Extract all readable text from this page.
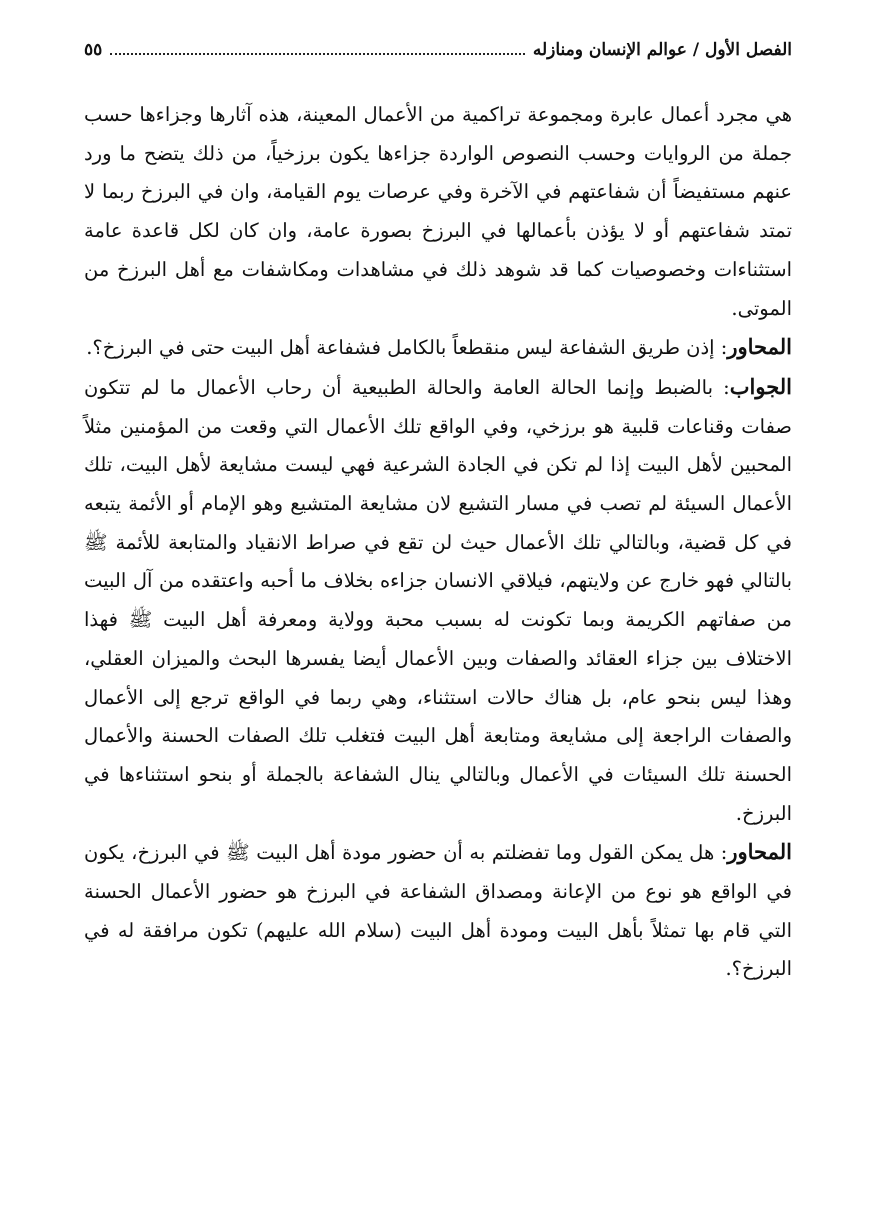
الفصل الأول / عوالم الإنسان ومنازله
٥٥

هي مجرد أعمال عابرة ومجموعة تراكمية من الأعمال المعينة، هذه آثارها وجزاءها حسب جملة من الروايات وحسب النصوص الواردة جزاءها يكون برزخياً، من ذلك يتضح ما ورد عنهم مستفيضاً أن شفاعتهم في الآخرة وفي عرصات يوم القيامة، وان في البرزخ ربما لا تمتد شفاعتهم أو لا يؤذن بأعمالها في البرزخ بصورة عامة، وان كان لكل قاعدة عامة استثناءات وخصوصيات كما قد شوهد ذلك في مشاهدات ومكاشفات مع أهل البرزخ من الموتى.

المحاور: إذن طريق الشفاعة ليس منقطعاً بالكامل فشفاعة أهل البيت حتى في البرزخ؟.

الجواب: بالضبط وإنما الحالة العامة والحالة الطبيعية أن رحاب الأعمال ما لم تتكون صفات وقناعات قلبية هو برزخي، وفي الواقع تلك الأعمال التي وقعت من المؤمنين مثلاً المحبين لأهل البيت إذا لم تكن في الجادة الشرعية فهي ليست مشايعة لأهل البيت، تلك الأعمال السيئة لم تصب في مسار التشيع لان مشايعة المتشيع وهو الإمام أو الأئمة يتبعه في كل قضية، وبالتالي تلك الأعمال حيث لن تقع في صراط الانقياد والمتابعة للأئمة ﷺ بالتالي فهو خارج عن ولايتهم، فيلاقي الانسان جزاءه بخلاف ما أحبه واعتقده من آل البيت من صفاتهم الكريمة وبما تكونت له بسبب محبة وولاية ومعرفة أهل البيت ﷺ فهذا الاختلاف بين جزاء العقائد والصفات وبين الأعمال أيضا يفسرها البحث والميزان العقلي، وهذا ليس بنحو عام، بل هناك حالات استثناء، وهي ربما في الواقع ترجع إلى الأعمال والصفات الراجعة إلى مشايعة ومتابعة أهل البيت فتغلب تلك الصفات الحسنة والأعمال الحسنة تلك السيئات في الأعمال وبالتالي ينال الشفاعة بالجملة أو بنحو استثناءها في البرزخ.

المحاور: هل يمكن القول وما تفضلتم به أن حضور مودة أهل البيت ﷺ في البرزخ، يكون في الواقع هو نوع من الإعانة ومصداق الشفاعة في البرزخ هو حضور الأعمال الحسنة التي قام بها تمثلاً بأهل البيت ومودة أهل البيت (سلام الله عليهم) تكون مرافقة له في البرزخ؟.
